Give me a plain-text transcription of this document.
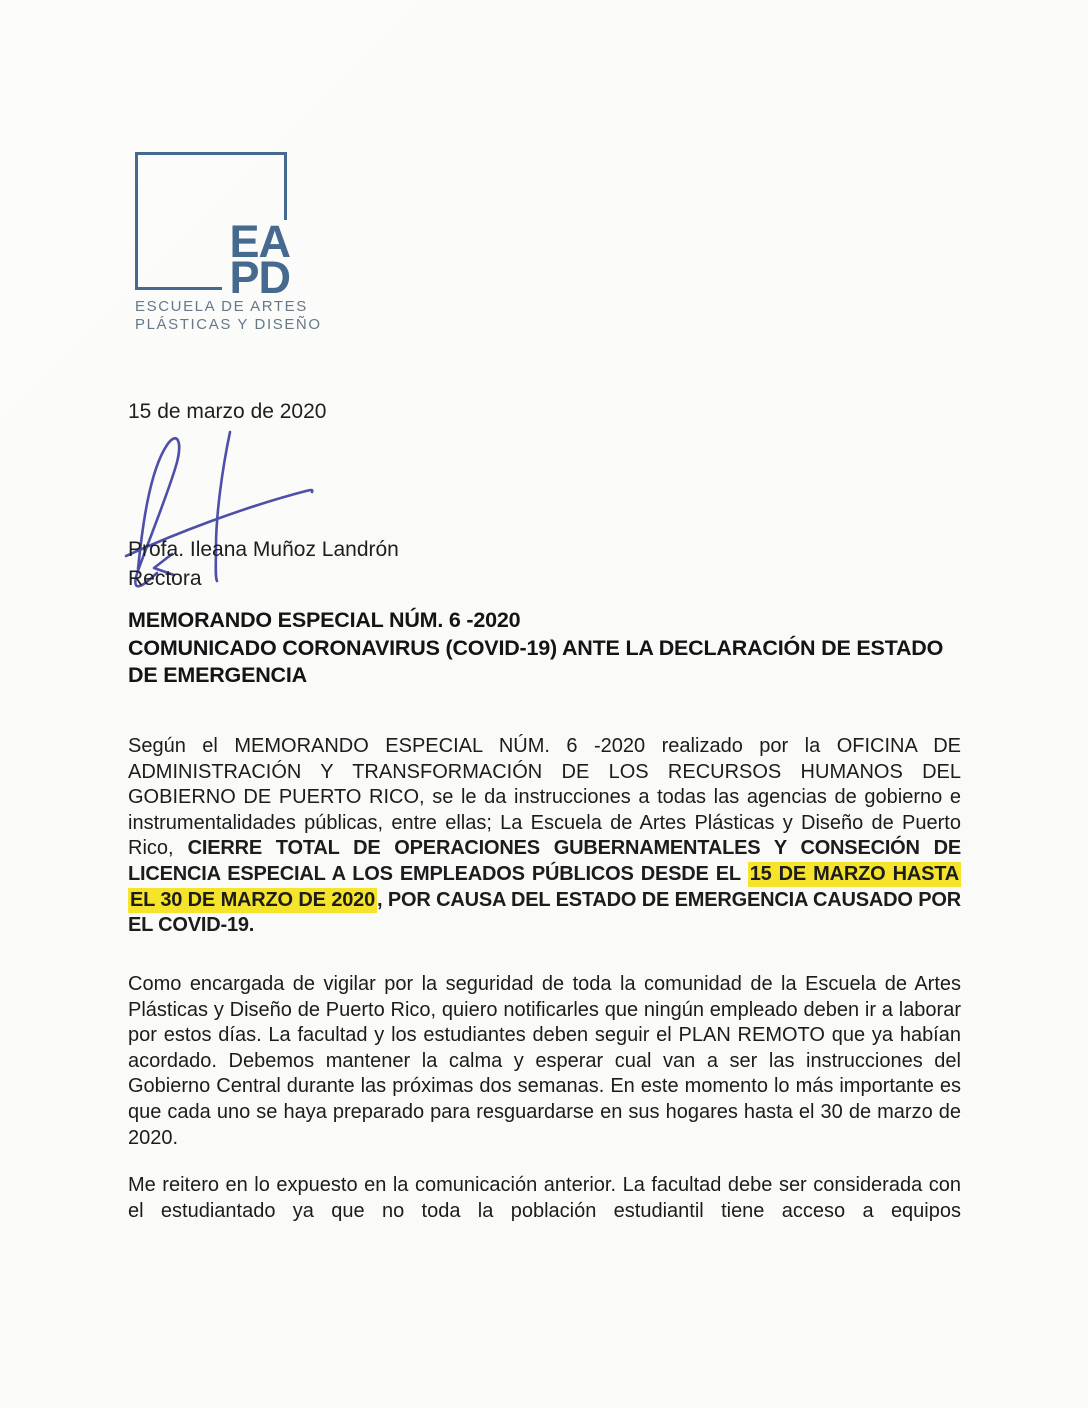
EA
PD
ESCUELA DE ARTES
PLÁSTICAS Y DISEÑO
15 de marzo de 2020
Profa. Ileana Muñoz Landrón
Rectora
MEMORANDO ESPECIAL NÚM. 6 -2020
COMUNICADO CORONAVIRUS (COVID-19) ANTE LA DECLARACIÓN DE ESTADO
DE EMERGENCIA

Según el MEMORANDO ESPECIAL NÚM. 6 -2020 realizado por la OFICINA DE ADMINISTRACIÓN Y TRANSFORMACIÓN DE LOS RECURSOS HUMANOS DEL GOBIERNO DE PUERTO RICO, se le da instrucciones a todas las agencias de gobierno e instrumentalidades públicas, entre ellas; La Escuela de Artes Plásticas y Diseño de Puerto Rico, CIERRE TOTAL DE OPERACIONES GUBERNAMENTALES Y CONSECIÓN DE LICENCIA ESPECIAL A LOS EMPLEADOS PÚBLICOS DESDE EL 15 DE MARZO HASTA EL 30 DE MARZO DE 2020 , POR CAUSA DEL ESTADO DE EMERGENCIA CAUSADO POR EL COVID-19.

Como encargada de vigilar por la seguridad de toda la comunidad de la Escuela de Artes Plásticas y Diseño de Puerto Rico, quiero notificarles que ningún empleado deben ir a laborar por estos días. La facultad y los estudiantes deben seguir el PLAN REMOTO que ya habían acordado. Debemos mantener la calma y esperar cual van a ser las instrucciones del Gobierno Central durante las próximas dos semanas. En este momento lo más importante es que cada uno se haya preparado para resguardarse en sus hogares hasta el 30 de marzo de 2020.

Me reitero en lo expuesto en la comunicación anterior. La facultad debe ser considerada con el estudiantado ya que no toda la población estudiantil tiene acceso a equipos
